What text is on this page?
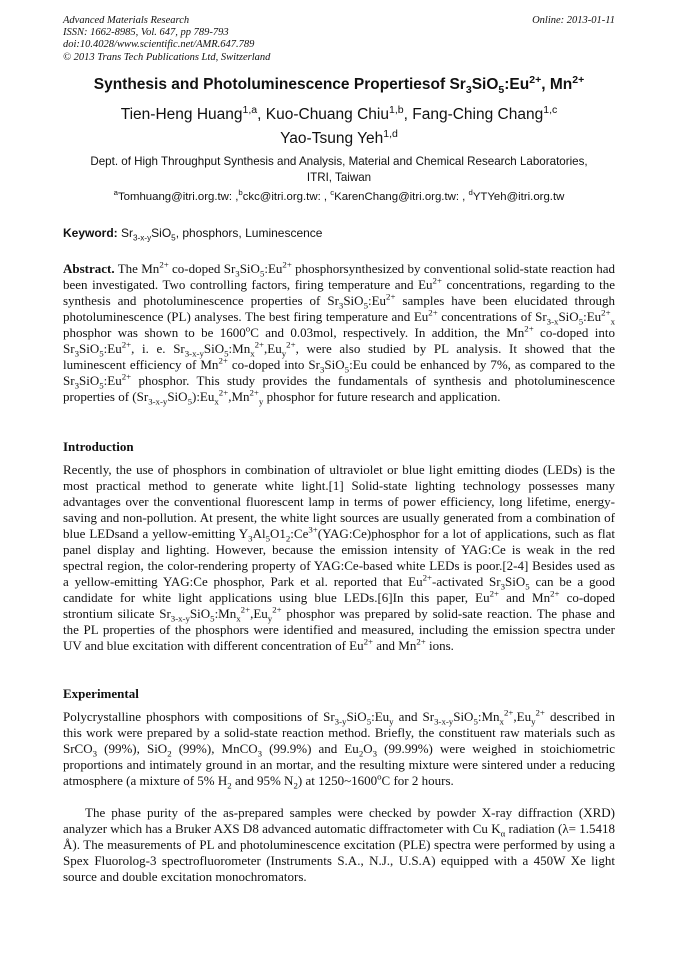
Advanced Materials Research
ISSN: 1662-8985, Vol. 647, pp 789-793
doi:10.4028/www.scientific.net/AMR.647.789
© 2013 Trans Tech Publications Ltd, Switzerland
Online: 2013-01-11
Synthesis and Photoluminescence Propertiesof $Sr_3SiO_5:Eu^{2+}$, $Mn^{2+}$
Tien-Heng Huang$^{1,a}$, Kuo-Chuang Chiu$^{1,b}$, Fang-Ching Chang$^{1,c}$
Yao-Tsung Yeh$^{1,d}$
Dept. of High Throughput Synthesis and Analysis, Material and Chemical Research Laboratories,
ITRI, Taiwan
$^a$Tomhuang@itri.org.tw: ,$^b$ckc@itri.org.tw: , $^c$KarenChang@itri.org.tw: , $^d$YTYeh@itri.org.tw
Keyword: $Sr_{3-x-y}SiO_5$, phosphors, Luminescence
Abstract. The $Mn^{2+}$ co-doped $Sr_3SiO_5:Eu^{2+}$ phosphorsynthesized by conventional solid-state reaction had been investigated. Two controlling factors, firing temperature and $Eu^{2+}$ concentrations, regarding to the synthesis and photoluminescence properties of $Sr_3SiO_5:Eu^{2+}$ samples have been elucidated through photoluminescence (PL) analyses. The best firing temperature and $Eu^{2+}$ concentrations of $Sr_{3-x}SiO_5:Eu^{2+}_x$ phosphor was shown to be 1600$^o$C and 0.03mol, respectively. In addition, the $Mn^{2+}$ co-doped into $Sr_3SiO_5:Eu^{2+}$, i. e. $Sr_{3-x-y}SiO_5:Mn_x^{2+},Eu_y^{2+}$, were also studied by PL analysis. It showed that the luminescent efficiency of $Mn^{2+}$ co-doped into $Sr_3SiO_5:Eu$ could be enhanced by 7%, as compared to the $Sr_3SiO_5:Eu^{2+}$ phosphor. This study provides the fundamentals of synthesis and photoluminescence properties of $(Sr_{3-x-y}SiO_5):Eu_x^{2+},Mn^{2+}_y$ phosphor for future research and application.
Introduction
Recently, the use of phosphors in combination of ultraviolet or blue light emitting diodes (LEDs) is the most practical method to generate white light.[1] Solid-state lighting technology possesses many advantages over the conventional fluorescent lamp in terms of power efficiency, long lifetime, energy-saving and non-pollution. At present, the white light sources are usually generated from a combination of blue LEDsand a yellow-emitting $Y_3Al_5O1_2:Ce^{3+}(YAG:Ce)phosphor$ for a lot of applications, such as flat panel display and lighting. However, because the emission intensity of YAG:Ce is weak in the red spectral region, the color-rendering property of YAG:Ce-based white LEDs is poor.[2-4] Besides used as a yellow-emitting YAG:Ce phosphor, Park et al. reported that $Eu^{2+}$-activated $Sr_3SiO_5$ can be a good candidate for white light applications using blue LEDs.[6]In this paper, $Eu^{2+}$ and $Mn^{2+}$ co-doped strontium silicate $Sr_{3-x-y}SiO_5:Mn_x^{2+},Eu_y^{2+}$ phosphor was prepared by solid-sate reaction. The phase and the PL properties of the phosphors were identified and measured, including the emission spectra under UV and blue excitation with different concentration of $Eu^{2+}$ and $Mn^{2+}$ ions.
Experimental
Polycrystalline phosphors with compositions of $Sr_{3-y}SiO_5:Eu_y$ and $Sr_{3-x-y}SiO_5:Mn_x^{2+},Eu_y^{2+}$ described in this work were prepared by a solid-state reaction method. Briefly, the constituent raw materials such as SrCO$_3$ (99%), SiO$_2$ (99%), MnCO$_3$ (99.9%) and $Eu_2O_3$ (99.99%) were weighed in stoichiometric proportions and intimately ground in an mortar, and the resulting mixture were sintered under a reducing atmosphere (a mixture of 5% $H_2$ and 95% $N_2$) at 1250~1600$^o$C for 2 hours.
The phase purity of the as-prepared samples were checked by powder X-ray diffraction (XRD) analyzer which has a Bruker AXS D8 advanced automatic diffractometer with Cu $K_\alpha$ radiation (λ= 1.5418 Å). The measurements of PL and photoluminescence excitation (PLE) spectra were performed by using a Spex Fluorolog-3 spectrofluorometer (Instruments S.A., N.J., U.S.A) equipped with a 450W Xe light source and double excitation monochromators.
